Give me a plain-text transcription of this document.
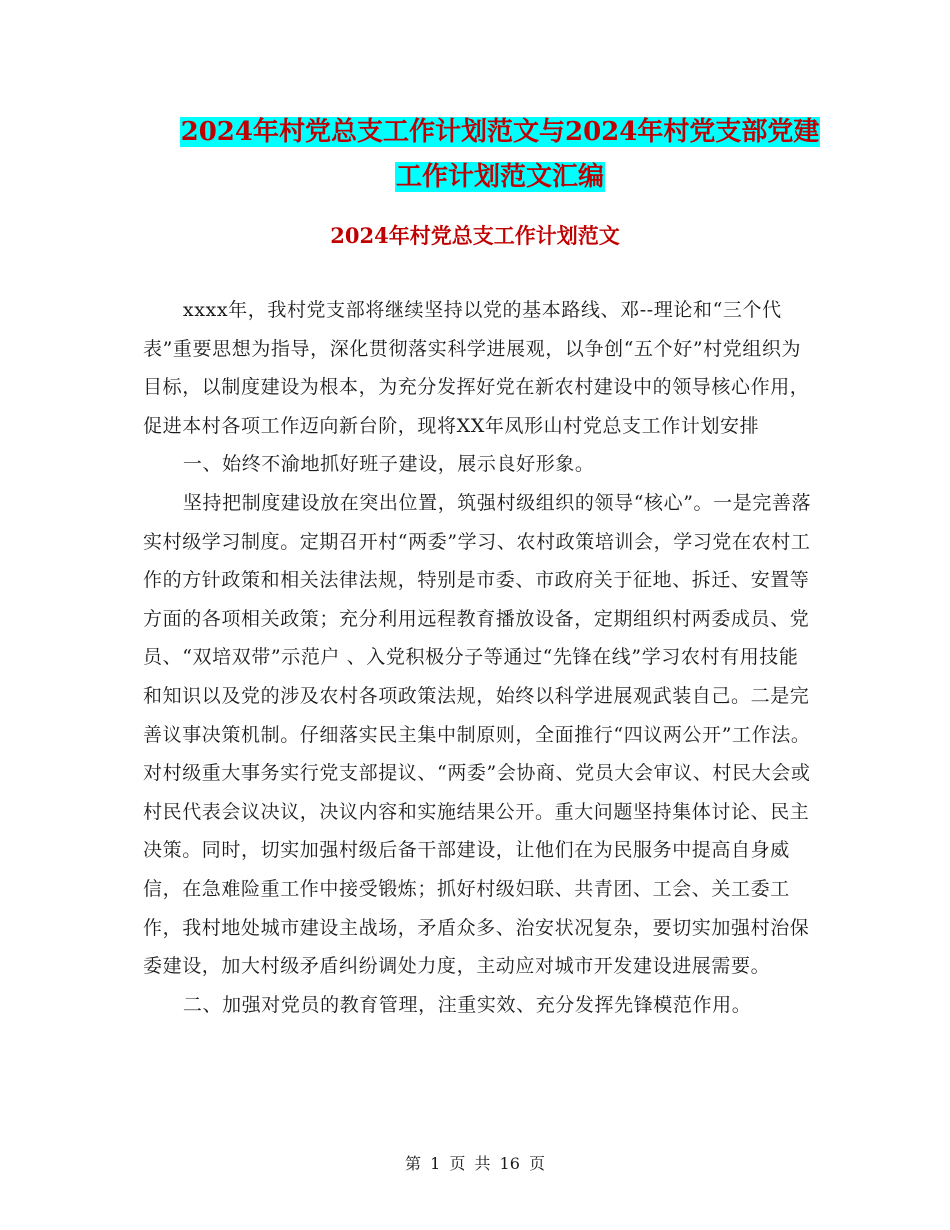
2024年村党总支工作计划范文与2024年村党支部党建
工作计划范文汇编
2024年村党总支工作计划范文

xxxx年，我村党支部将继续坚持以党的基本路线、邓--理论和“三个代表”重要思想为指导，深化贯彻落实科学进展观，以争创“五个好”村党组织为目标，以制度建设为根本，为充分发挥好党在新农村建设中的领导核心作用，促进本村各项工作迈向新台阶，现将XX年凤形山村党总支工作计划安排

一、始终不渝地抓好班子建设，展示良好形象。

坚持把制度建设放在突出位置，筑强村级组织的领导“核心”。一是完善落实村级学习制度。定期召开村“两委”学习、农村政策培训会，学习党在农村工作的方针政策和相关法律法规，特别是市委、市政府关于征地、拆迁、安置等方面的各项相关政策；充分利用远程教育播放设备，定期组织村两委成员、党员、“双培双带”示范户 、入党积极分子等通过“先锋在线”学习农村有用技能和知识以及党的涉及农村各项政策法规，始终以科学进展观武装自己。二是完善议事决策机制。仔细落实民主集中制原则，全面推行“四议两公开”工作法。对村级重大事务实行党支部提议、“两委”会协商、党员大会审议、村民大会或村民代表会议决议，决议内容和实施结果公开。重大问题坚持集体讨论、民主决策。同时，切实加强村级后备干部建设，让他们在为民服务中提高自身威信，在急难险重工作中接受锻炼；抓好村级妇联、共青团、工会、关工委工作，我村地处城市建设主战场，矛盾众多、治安状况复杂，要切实加强村治保委建设，加大村级矛盾纠纷调处力度，主动应对城市开发建设进展需要。

二、加强对党员的教育管理，注重实效、充分发挥先锋模范作用。

第 1 页 共 16 页
